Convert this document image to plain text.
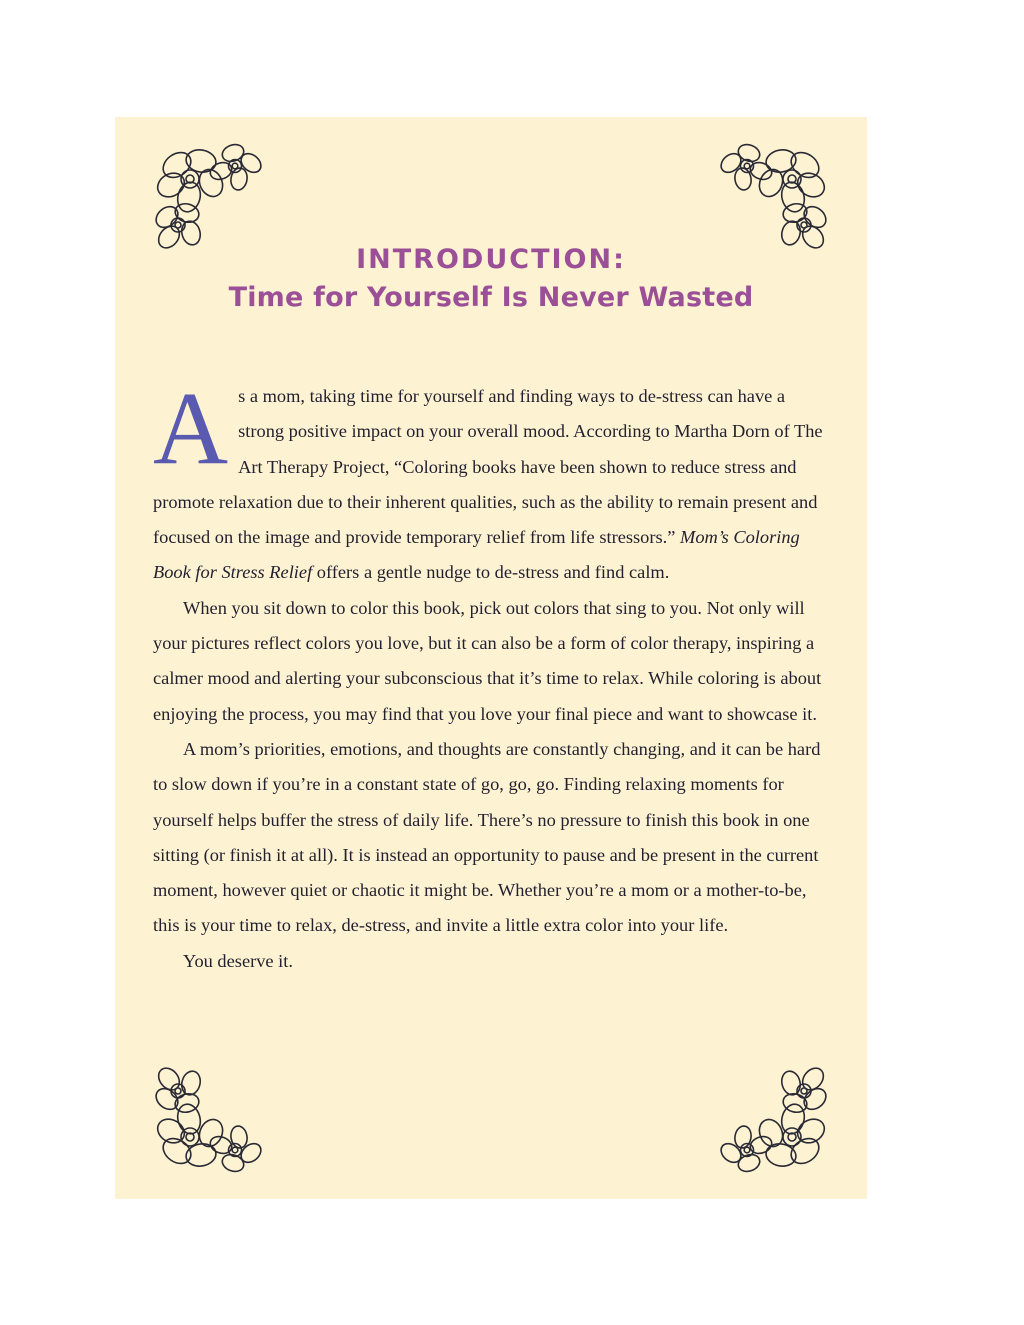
INTRODUCTION:
Time for Yourself Is Never Wasted

As a mom, taking time for yourself and finding ways to de-stress can have a strong positive impact on your overall mood. According to Martha Dorn of The Art Therapy Project, “Coloring books have been shown to reduce stress and promote relaxation due to their inherent qualities, such as the ability to remain present and focused on the image and provide temporary relief from life stressors.” Mom’s Coloring Book for Stress Relief offers a gentle nudge to de-stress and find calm.

When you sit down to color this book, pick out colors that sing to you. Not only will your pictures reflect colors you love, but it can also be a form of color therapy, inspiring a calmer mood and alerting your subconscious that it’s time to relax. While coloring is about enjoying the process, you may find that you love your final piece and want to showcase it.

A mom’s priorities, emotions, and thoughts are constantly changing, and it can be hard to slow down if you’re in a constant state of go, go, go. Finding relaxing moments for yourself helps buffer the stress of daily life. There’s no pressure to finish this book in one sitting (or finish it at all). It is instead an opportunity to pause and be present in the current moment, however quiet or chaotic it might be. Whether you’re a mom or a mother-to-be, this is your time to relax, de-stress, and invite a little extra color into your life.

You deserve it.
